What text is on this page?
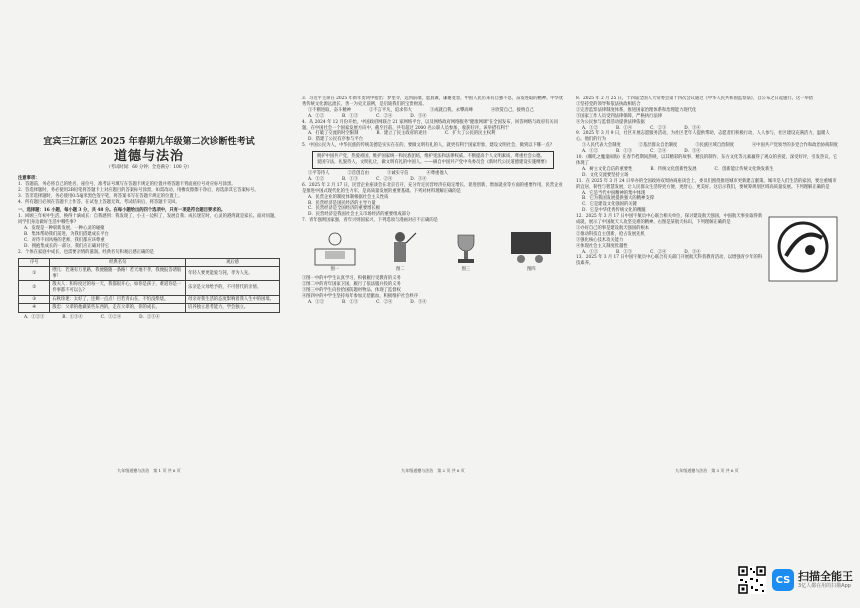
宜宾三江新区 2025 年春期九年级第二次诊断性考试
道德与法治
（考试时间：60 分钟；全卷满分：100 分）
注意事项：
1．答题前，务必将自己的姓名、座位号、准考证号填写在答题卡规定的位置并将答题卡背面座位号对应标号涂黑。
2．答选择题时，务必使用2B铅笔将答题卡上对应题目的答案标号涂黑，如需改动，用橡皮擦擦干净后，再选涂其它答案标号。
3．答非选择题时，务必使用0.5毫米黑色签字笔，将答案书写在答题卡规定的位置上。
4．所有题目必须在答题卡上作答，在试卷上答题无效。考试结束后，将答题卡交回。
一、选择题：16 小题，每小题 3 分，共 48 分。在每小题给出的四个选项中，只有一项是符合题目要求的。
1．回顾三年初中生活，换得十滴成长：自我感到：我发现了，小王一边积了，发展自我；成长迷茫时，心灵的港湾就是家长。面对问题，同学们身边做好生活中哪些事?
A．发现是一种崭新发展，一种心灵的碰撞
B．集体帮助我们前进，为我们搭建成长平台
C．对待不同风格的老师，我们都应该尊重
D．拥抱集成长的一部分，我们应正确对待它
2．个体在家庭中成长，也需要亲情的滋润。经典名句和观后感正确的是
序号	经典名句	观后感
①	嘿儿：若遇有万里路，我便随随一条路！若天地不孝，我便报答诸般事！	年轻人要更能爱与钝，孝为人先。
②	殷夫人：和你度过的每一天，我都很开心，如你是孩子，难道你是一件事都不可以么?	乐亲是父母给予的，不可替代的亲情。
③	石秋珍迷：太好了，还剩一点点！目若青山在，不怕没柴烧。	母亲对我生活的态度影响着我人生中的困境。
④	殷忠：父辈的他做某些东西的，走在父辈的，你的成长。	培养独立思考能力，学会独立。
A．①②③	B．①③④	C．①②④	D．②③④
九年级道德与法治　第 1 页 共 6 页
3．习近平主席在 2025 年新年贺词中指出：梦里寻，远到前端，愿真诚，谦谢宽容，中国人民历来有自强不息，奋发进取的精神。中华优秀传统文化源远流长，善一为史无前例，是启迪我们的宝贵财富。
①不断进取，奋斗精神	②不言平凡，追求伟大	③成就自我，永攀高峰	④欣赏自己，接纳自己
A．①②	B．①③	C．②④	D．③④
4．从 2024 年 12 月份开始，中国政府网联合 21 家网络平台，以及网络政府网络服务"健康网课"在全国发布，回答网络与政府有关问题，在中国社会一个国家发展方向中，截至目前，共有超过 2000 名公职人员参加，收获好评。该举措有利于
A．打破了交流的时空限制	B．建立了民主政府的途径	C．扩大了公民的民主权利
D．搭建了公民有序参与平台
5．中国公民为人，中华民族的传统美德是实实在在的，要做文明有礼的人，就更有利于国家形象，建设文明社会，做到以下哪一点?
拥护中国共产党，热爱祖国，维护国家统一和民族团结，维护宪法和法律权威。不断提高个人文明素质，尊重社会公德。爱国守法，礼貌待人，文明礼让，做文明有礼的中国人。——摘自中国共产党中央委员会《新时代公民道德建设实施纲要》
①平等待人	②首创自由	③诚实守信	④尊重他人
A．①②	B．①③	C．②④	D．③④
6．2025 年 2 月 17 日，民营企业座谈会在北京召开，充分肯定民营经济在稳定增长、促进创新、增加就业等方面的重要作用，民营企业是推进中国式现代化的生力军，是高质量发展的重要基础。下列对材料理解正确的是
A．民营企业的制度体制根据社会主义性质
B．民营经济是国民经济的主导力量
C．民营经济是全国经济的重要增长极
D．民营经济是我国社会主义市场经济的重要组成部分
7．青年强则国家强，青年兴则国家兴，下列选项与漫画对应不正确的是
图一	图二	图三	图四
①图一中的中学生认真学习，积极履行受教育的义务
②图二中的青年国家卫国，履行了依法服兵役的义务
③图三中的学生向捡拾国防题材物品，体现了监督权
④图四中的中学生坚持每年参加无偿献血，积极维护社会秩序
A．①②	B．①③	C．②④	D．③④
九年级道德与法治　第 2 页 共 6 页
8．2025 年 2 月 25 日，十四届全国人大常委会第十四次会议通过《中华人民共和国监察法》，自公布之日起施行。这一举措
①坚持党的领导和依法执政相结合
②完善监察法律制度体系，推进国家治理体系和治理能力现代化
③国家工作人员受到法律保障，严格执行法律
④为公民参与监督活动提供法律依据
A．①②	B．①④	C．②③	D．③④
9．2025 年 3 月 9 日，社区开展志愿服务活动，为社区老年人提供帮助，志愿者们积极行动，人人参与，社区建设充满活力，温暖人心。他们的行为
①人民代表大会制度	②基层群众自治制度	③民族区域自治制度	④中国共产党领导的多党合作和政治协商制度
A．①②	B．①③	C．②④	D．③④
10．《哪吒之魔童闹海》在春节档期间热映，以其精彩的故事、精良的制作、东方文化等元素赢得了观众的喜爱，深受好评，引发热议，它体现了
A．树立文化自信的重要性	B．传统文化创新性发展	C．创新能让传统文化焕发新生
D．文化交流要坚持立场
11．在 2025 年 3 月 24 日举办的全国政协双周协商座谈会上，委员们围绕推进城市更新建言献策。城市是人们生活的家园，要注重城市的宜居、韧性与智慧发展，让人民群众生活得更方便、更舒心、更美好。这启示我们，要统筹规划区域高质量发展。下列理解正确的是
A．它是当代中国精神的集中体现
B．它为我国发展提供强大的精神支撑
C．它是建设文化强国的关键
D．它是中华优秀传统文化的精髓
12．2025 年 3 月 17 日中国宇航员中心联合相关单位，探讨建设航天强国，中国航天事业取得新成就，展示了中国航天人攻坚克难的精神。右图是某航天标识，下列理解正确的是
①办好自己的事是建设航天强国的根本
②推动科技自主创新，抢占发展先机
③强化核心技术攻关能力
④体现社会主义制度优越性
A．①②	B．①③	C．②④	D．③④
13．2025 年 3 月 17 日中国宇航员中心联合有关部门开展航天科普教育活动，以增强青少年的科技素养。
九年级道德与法治　第 3 页 共 6 页
CS 扫描全能王
3亿人都在用的扫描App
